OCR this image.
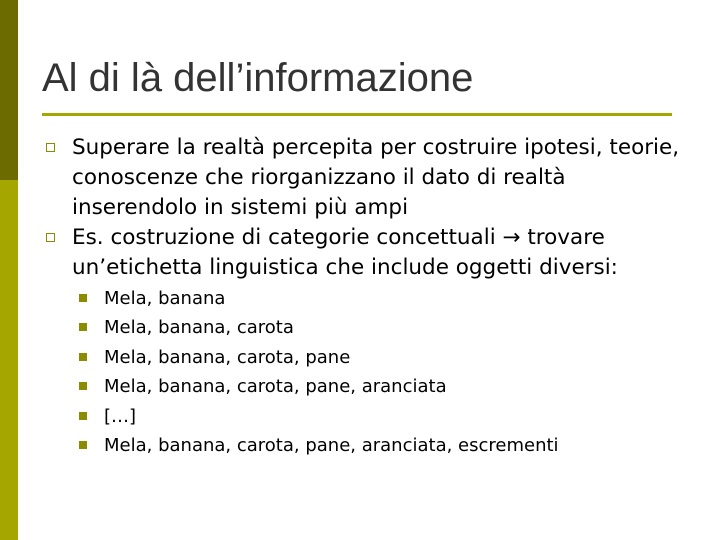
Al di là dell’informazione
Superare la realtà percepita per costruire ipotesi, teorie, conoscenze che riorganizzano il dato di realtà inserendolo in sistemi più ampi
Es. costruzione di categorie concettuali → trovare un’etichetta linguistica che include oggetti diversi:
Mela, banana
Mela, banana, carota
Mela, banana, carota, pane
Mela, banana, carota, pane, aranciata
[…]
Mela, banana, carota, pane, aranciata, escrementi
